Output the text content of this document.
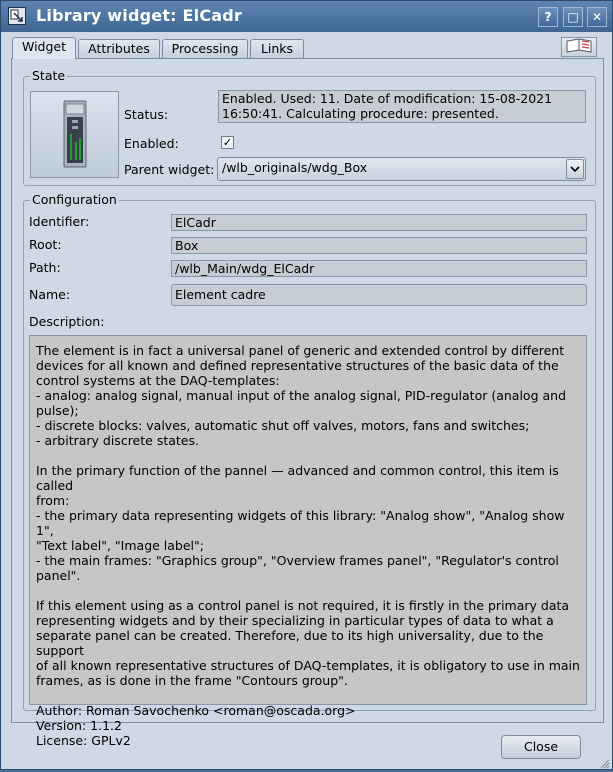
Library widget: ElCadr	?	□	✕
Widget	Attributes	Processing	Links
State
Status:
Enabled. Used: 11. Date of modification: 15-08-2021
16:50:41. Calculating procedure: presented.
Enabled:	✓
Parent widget: /wlb_originals/wdg_Box
Configuration
Identifier:	ElCadr
Root:	Box
Path:	/wlb_Main/wdg_ElCadr
Name:	Element cadre
Description:
The element is in fact a universal panel of generic and extended control by different
devices for all known and defined representative structures of the basic data of the
control systems at the DAQ-templates:
- analog: analog signal, manual input of the analog signal, PID-regulator (analog and
pulse);
- discrete blocks: valves, automatic shut off valves, motors, fans and switches;
- arbitrary discrete states.

In the primary function of the pannel — advanced and common control, this item is called
from:
- the primary data representing widgets of this library: "Analog show", "Analog show 1",
"Text label", "Image label";
- the main frames: "Graphics group", "Overview frames panel", "Regulator's control
panel".

If this element using as a control panel is not required, it is firstly in the primary data
representing widgets and by their specializing in particular types of data to what a
separate panel can be created. Therefore, due to its high universality, due to the support
of all known representative structures of DAQ-templates, it is obligatory to use in main
frames, as is done in the frame "Contours group".

Author: Roman Savochenko <roman@oscada.org>
Version: 1.1.2
License: GPLv2	Close
